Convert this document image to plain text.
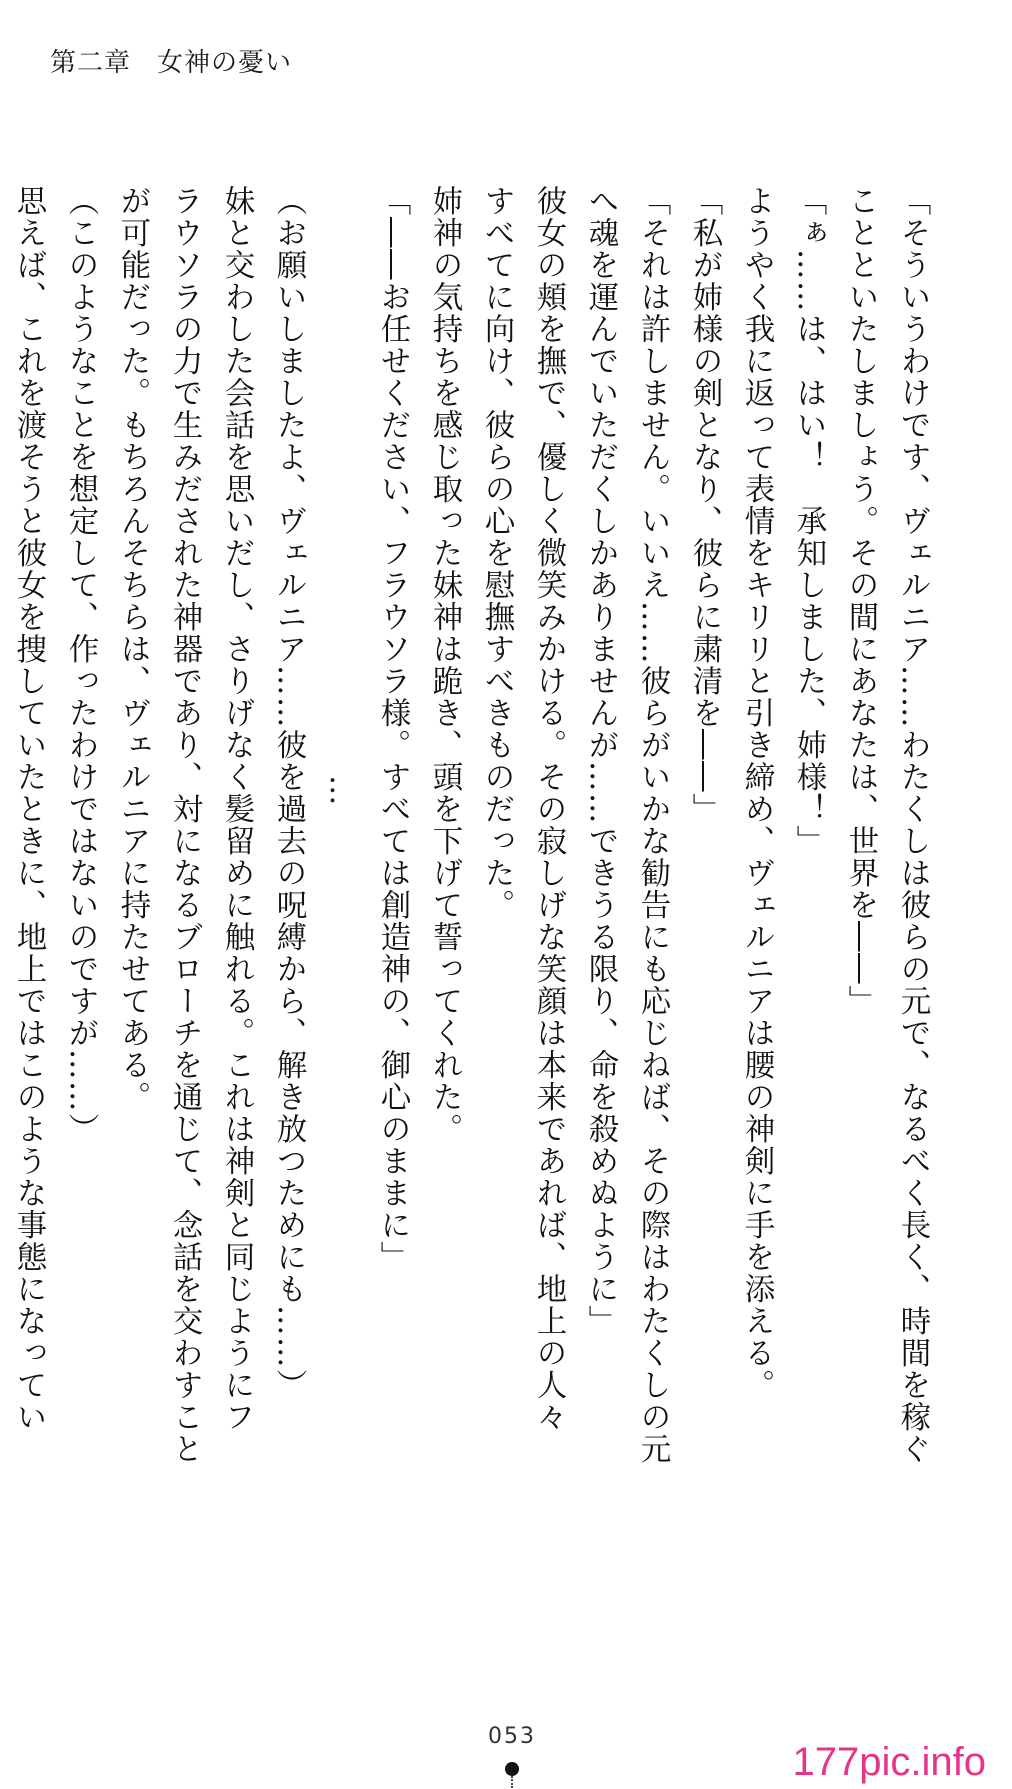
第二章 女神の憂い
「そういうわけです、ヴェルニア……わたくしは彼らの元で、なるべく長く、時間を稼ぐ
ことといたしましょう。その間にあなたは、世界を――」
「ぁ……は、はい！　承知しました、姉様！」
ようやく我に返って表情をキリリと引き締め、ヴェルニアは腰の神剣に手を添える。
「私が姉様の剣となり、彼らに粛清を――」
「それは許しません。いいえ……彼らがいかな勧告にも応じねば、その際はわたくしの元
へ魂を運んでいただくしかありませんが……できうる限り、命を殺めぬように」
彼女の頬を撫で、優しく微笑みかける。その寂しげな笑顔は本来であれば、地上の人々
すべてに向け、彼らの心を慰撫すべきものだった。
姉神の気持ちを感じ取った妹神は跪き、頭を下げて誓ってくれた。
「――お任せください、フラウソラ様。すべては創造神の、御心のままに」
…
（お願いしましたよ、ヴェルニア……彼を過去の呪縛から、解き放つためにも……）
妹と交わした会話を思いだし、さりげなく髪留めに触れる。これは神剣と同じようにフ
ラウソラの力で生みだされた神器であり、対になるブローチを通じて、念話を交わすこと
が可能だった。もちろんそちらは、ヴェルニアに持たせてある。
（このようなことを想定して、作ったわけではないのですが……）
思えば、これを渡そうと彼女を捜していたときに、地上ではこのような事態になってい
053
177pic.info
